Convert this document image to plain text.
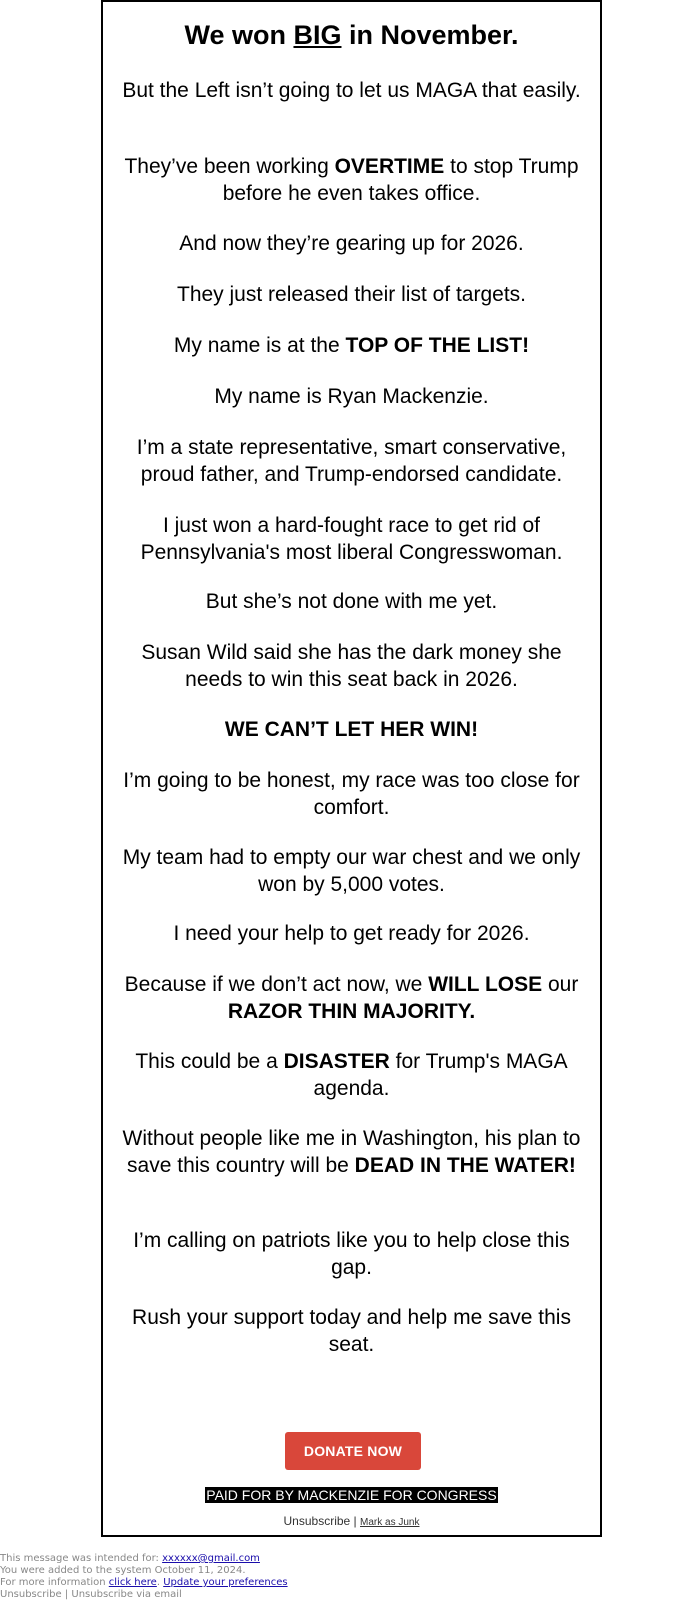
We won BIG in November.

But the Left isn’t going to let us MAGA that easily.

They’ve been working OVERTIME to stop Trump before he even takes office.

And now they’re gearing up for 2026.

They just released their list of targets.

My name is at the TOP OF THE LIST!

My name is Ryan Mackenzie.

I’m a state representative, smart conservative, proud father, and Trump-endorsed candidate.

I just won a hard-fought race to get rid of Pennsylvania's most liberal Congresswoman.

But she’s not done with me yet.

Susan Wild said she has the dark money she needs to win this seat back in 2026.

WE CAN’T LET HER WIN!

I’m going to be honest, my race was too close for comfort.

My team had to empty our war chest and we only won by 5,000 votes.

I need your help to get ready for 2026.

Because if we don’t act now, we WILL LOSE our RAZOR THIN MAJORITY.

This could be a DISASTER for Trump's MAGA agenda.

Without people like me in Washington, his plan to save this country will be DEAD IN THE WATER!

I’m calling on patriots like you to help close this gap.

Rush your support today and help me save this seat.

DONATE NOW
PAID FOR BY MACKENZIE FOR CONGRESS
Unsubscribe | Mark as Junk
This message was intended for: xxxxxx@gmail.com
You were added to the system October 11, 2024.
For more information click here. Update your preferences
Unsubscribe | Unsubscribe via email
